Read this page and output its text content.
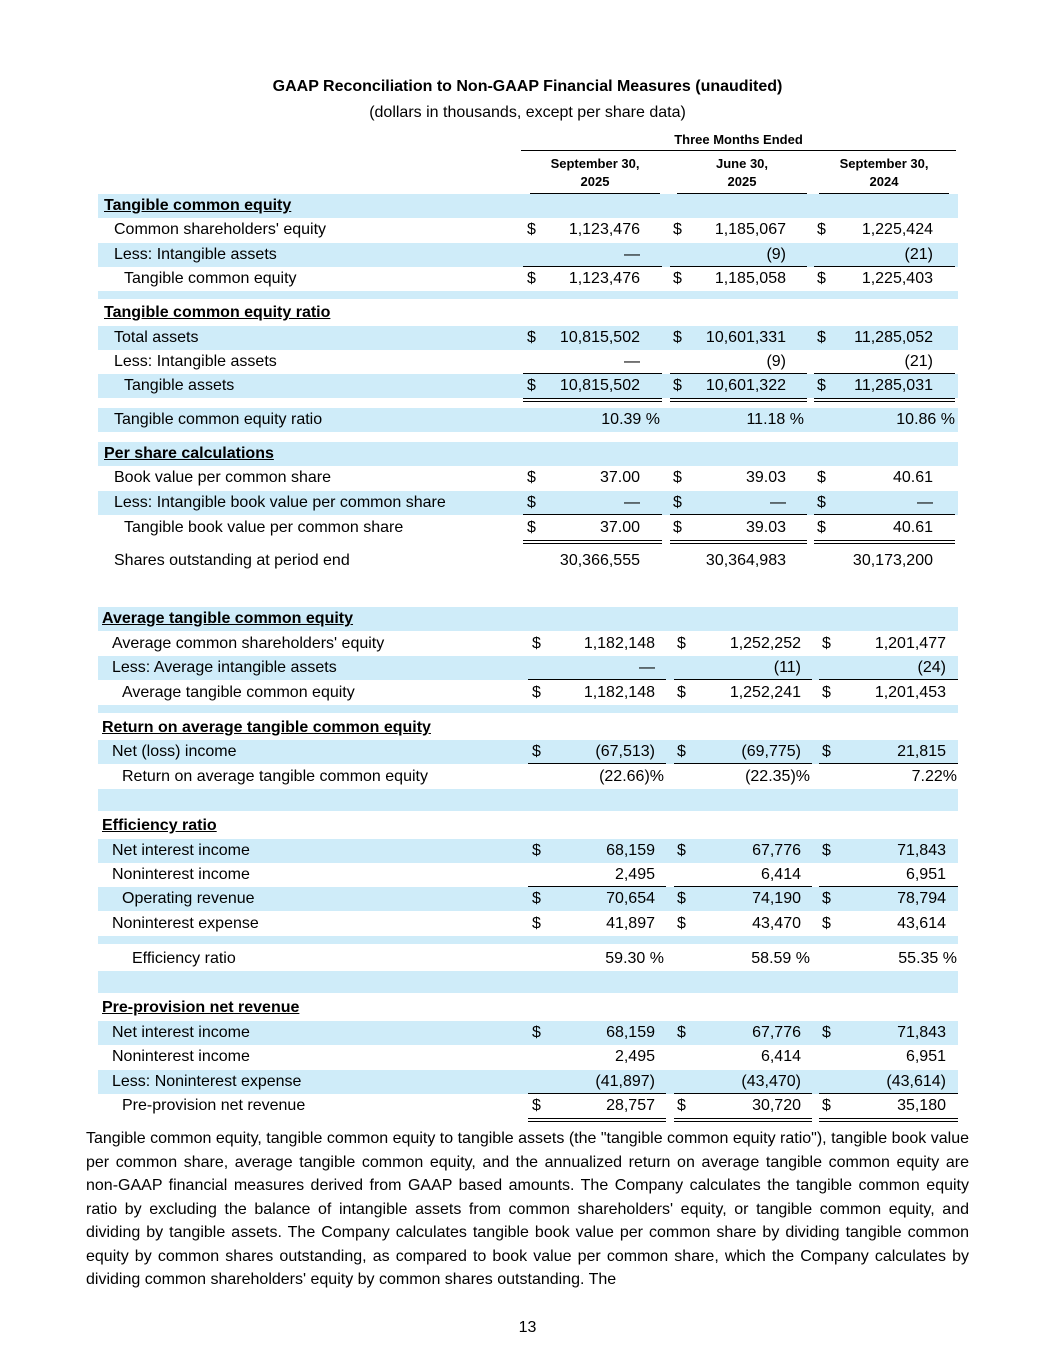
GAAP Reconciliation to Non-GAAP Financial Measures (unaudited)
(dollars in thousands, except per share data)
Three Months Ended
September 30,
2025
June 30,
2025
September 30,
2024
Tangible common equity
Common shareholders' equity	$ 1,123,476 $ 1,185,067 $ 1,225,424
Less: Intangible assets	—	(9)	(21)
Tangible common equity	$ 1,123,476 $ 1,185,058 $ 1,225,403
Tangible common equity ratio
Total assets	$ 10,815,502 $ 10,601,331 $ 11,285,052
Less: Intangible assets	—	(9)	(21)
Tangible assets	$ 10,815,502 $ 10,601,322 $ 11,285,031
Tangible common equity ratio	10.39 %	11.18 %	10.86 %
Per share calculations
Book value per common share	$	37.00 $	39.03 $	40.61
Less: Intangible book value per common share	$	— $	— $	—
Tangible book value per common share	$	37.00 $	39.03 $	40.61
Shares outstanding at period end	30,366,555	30,364,983	30,173,200
Average tangible common equity
Average common shareholders' equity	$	1,182,148 $	1,252,252 $	1,201,477
Less: Average intangible assets	—	(11)	(24)
Average tangible common equity	$	1,182,148 $	1,252,241 $	1,201,453
Return on average tangible common equity
Net (loss) income	$	(67,513) $	(69,775) $	21,815
Return on average tangible common equity	(22.66)%	(22.35)%	7.22%
Efficiency ratio
Net interest income	$	68,159 $	67,776 $	71,843
Noninterest income	2,495	6,414	6,951
Operating revenue	$	70,654 $	74,190 $	78,794
Noninterest expense	$	41,897 $	43,470 $	43,614
Efficiency ratio	59.30 %	58.59 %	55.35 %
Pre-provision net revenue
Net interest income	$	68,159 $	67,776 $	71,843
Noninterest income	2,495	6,414	6,951
Less: Noninterest expense	(41,897)	(43,470)	(43,614)
Pre-provision net revenue	$	28,757 $	30,720 $	35,180
Tangible common equity, tangible common equity to tangible assets (the "tangible common equity ratio"), tangible book value per common share, average tangible common equity, and the annualized return on average tangible common equity are non-GAAP financial measures derived from GAAP based amounts. The Company calculates the tangible common equity ratio by excluding the balance of intangible assets from common shareholders' equity, or tangible common equity, and dividing by tangible assets. The Company calculates tangible book value per common share by dividing tangible common equity by common shares outstanding, as compared to book value per common share, which the Company calculates by dividing common shareholders' equity by common shares outstanding. The
13
